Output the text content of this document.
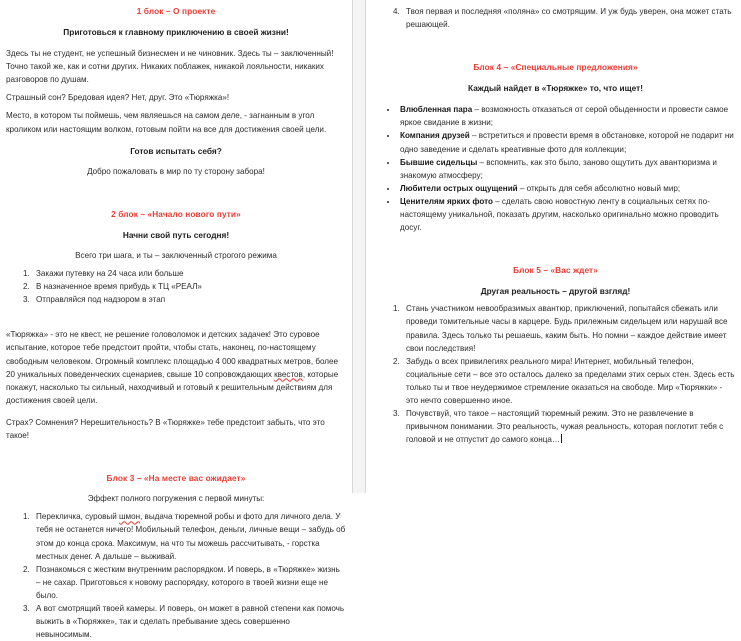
1 блок – О проекте

Приготовься к главному приключению в своей жизни!

Здесь ты не студент, не успешный бизнесмен и не чиновник. Здесь ты – заключенный! Точно такой же, как и сотни других. Никаких поблажек, никакой лояльности, никаких разговоров по душам.

Страшный сон? Бредовая идея? Нет, друг. Это «Тюряжка»!

Место, в котором ты поймешь, чем являешься на самом деле, - загнанным в угол кроликом или настоящим волком, готовым пойти на все для достижения своей цели.

Готов испытать себя?

Добро пожаловать в мир по ту сторону забора!

2 блок – «Начало нового пути»

Начни свой путь сегодня!

Всего три шага, и ты – заключенный строгого режима

1. Закажи путевку на 24 часа или больше
2. В назначенное время прибудь к ТЦ «РЕАЛ»
3. Отправляйся под надзором в этап

«Тюряжка» - это не квест, не решение головоломок и детских задачек! Это суровое испытание, которое тебе предстоит пройти, чтобы стать, наконец, по-настоящему свободным человеком. Огромный комплекс площадью 4 000 квадратных метров, более 20 уникальных поведенческих сценариев, свыше 10 сопровождающих квестов, которые покажут, насколько ты сильный, находчивый и готовый к решительным действиям для достижения своей цели.

Страх? Сомнения? Нерешительность? В «Тюряжке» тебе предстоит забыть, что это такое!

Блок 3 – «На месте вас ожидает»

Эффект полного погружения с первой минуты:

1. Перекличка, суровый шмон, выдача тюремной робы и фото для личного дела. У тебя не останется ничего! Мобильный телефон, деньги, личные вещи – забудь об этом до конца срока. Максимум, на что ты можешь рассчитывать, - горстка местных денег. А дальше – выживай.
2. Познакомься с жестким внутренним распорядком. И поверь, в «Тюряжке» жизнь – не сахар. Приготовься к новому распорядку, которого в твоей жизни еще не было.
3. А вот смотрящий твоей камеры. И поверь, он может в равной степени как помочь выжить в «Тюряжке», так и сделать пребывание здесь совершенно невыносимым.
4. Твоя первая и последняя «поляна» со смотрящим. И уж будь уверен, она может стать решающей.

Блок 4 – «Специальные предложения»

Каждый найдет в «Тюряжке» то, что ищет!

• Влюбленная пара – возможность отказаться от серой обыденности и провести самое яркое свидание в жизни;
• Компания друзей – встретиться и провести время в обстановке, которой не подарит ни одно заведение и сделать креативные фото для коллекции;
• Бывшие сидельцы – вспомнить, как это было, заново ощутить дух авантюризма и знакомую атмосферу;
• Любители острых ощущений – открыть для себя абсолютно новый мир;
• Ценителям ярких фото – сделать свою новостную ленту в социальных сетях по-настоящему уникальной, показать другим, насколько оригинально можно проводить досуг.

Блок 5 – «Вас ждет»

Другая реальность – другой взгляд!

1. Стань участником невообразимых авантюр, приключений, попытайся сбежать или проведи томительные часы в карцере. Будь прилежным сидельцем или нарушай все правила. Здесь только ты решаешь, каким быть. Но помни – каждое действие имеет свои последствия!
2. Забудь о всех привилегиях реального мира! Интернет, мобильный телефон, социальные сети – все это осталось далеко за пределами этих серых стен. Здесь есть только ты и твое неудержимое стремление оказаться на свободе. Мир «Тюряжки» - это нечто совершенно иное.
3. Почувствуй, что такое – настоящий тюремный режим. Это не развлечение в привычном понимании. Это реальность, чужая реальность, которая поглотит тебя с головой и не отпустит до самого конца…
